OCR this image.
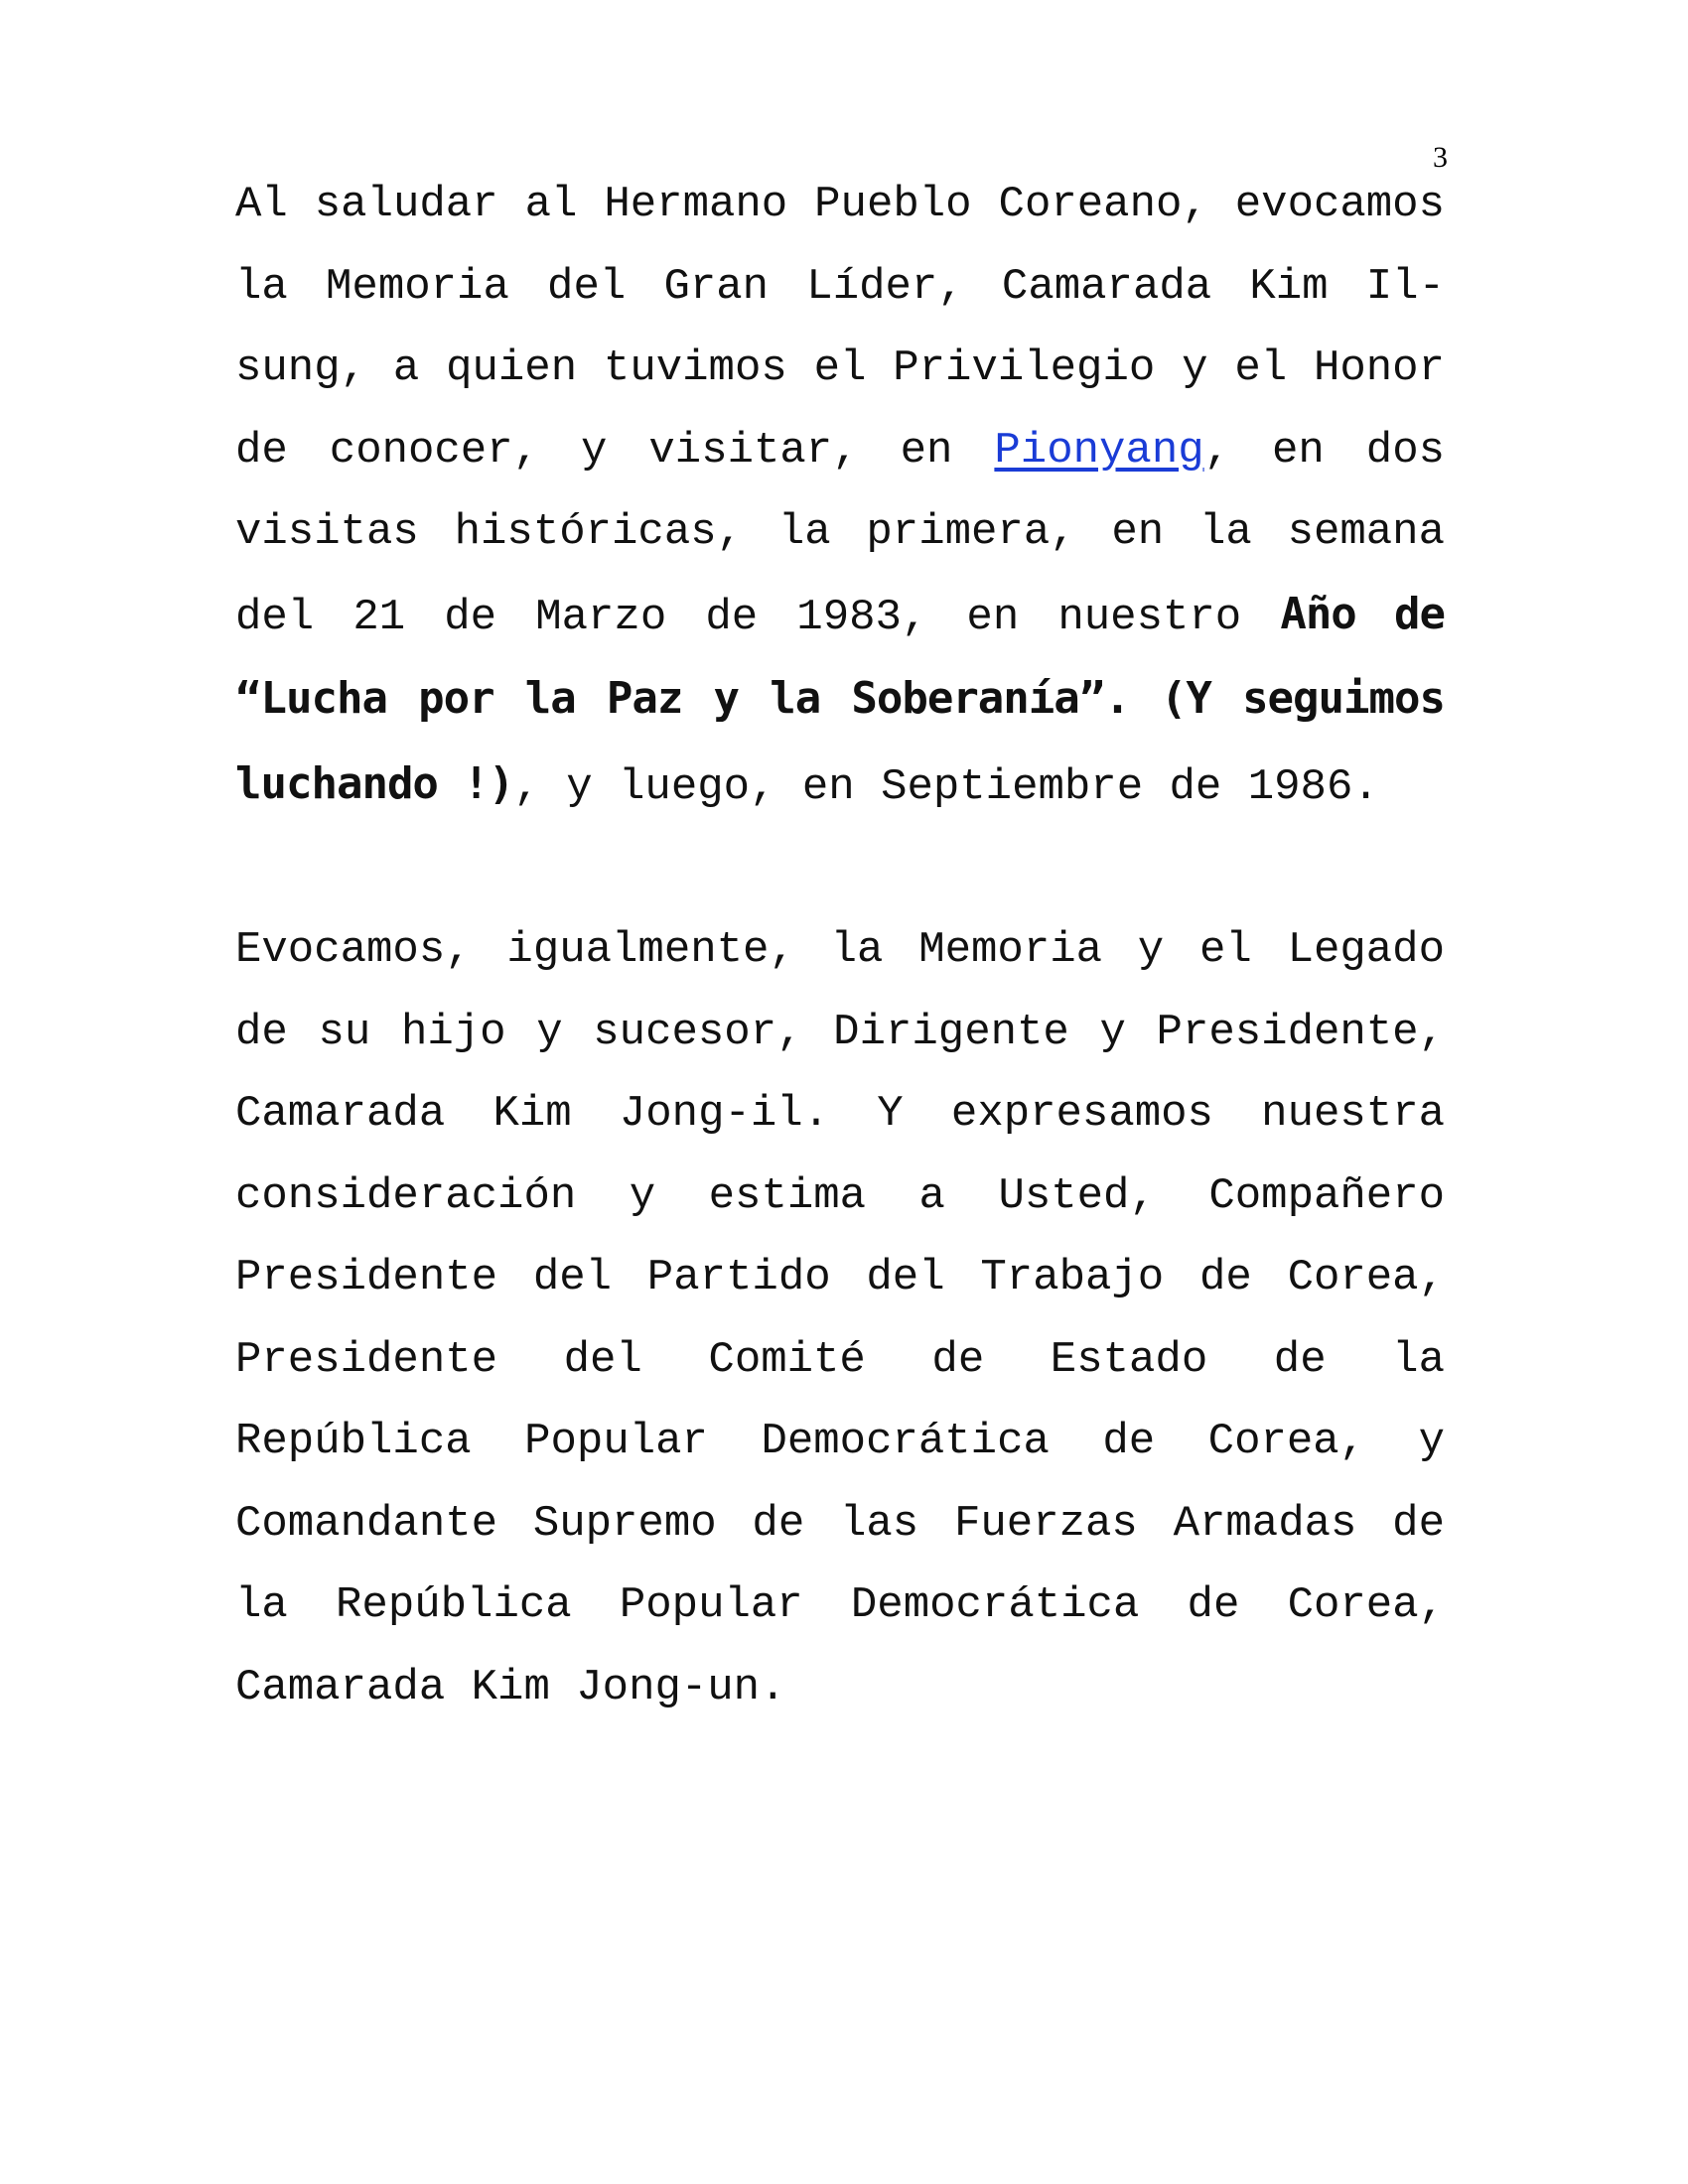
3

Al saludar al Hermano Pueblo Coreano, evocamos la Memoria del Gran Líder, Camarada Kim Il-sung, a quien tuvimos el Privilegio y el Honor de conocer, y visitar, en Pionyang, en dos visitas históricas, la primera, en la semana del 21 de Marzo de 1983, en nuestro Año de “Lucha por la Paz y la Soberanía”. (Y seguimos luchando !), y luego, en Septiembre de 1986.

Evocamos, igualmente, la Memoria y el Legado de su hijo y sucesor, Dirigente y Presidente, Camarada Kim Jong-il. Y expresamos nuestra consideración y estima a Usted, Compañero Presidente del Partido del Trabajo de Corea, Presidente del Comité de Estado de la República Popular Democrática de Corea, y Comandante Supremo de las Fuerzas Armadas de la República Popular Democrática de Corea, Camarada Kim Jong-un.
